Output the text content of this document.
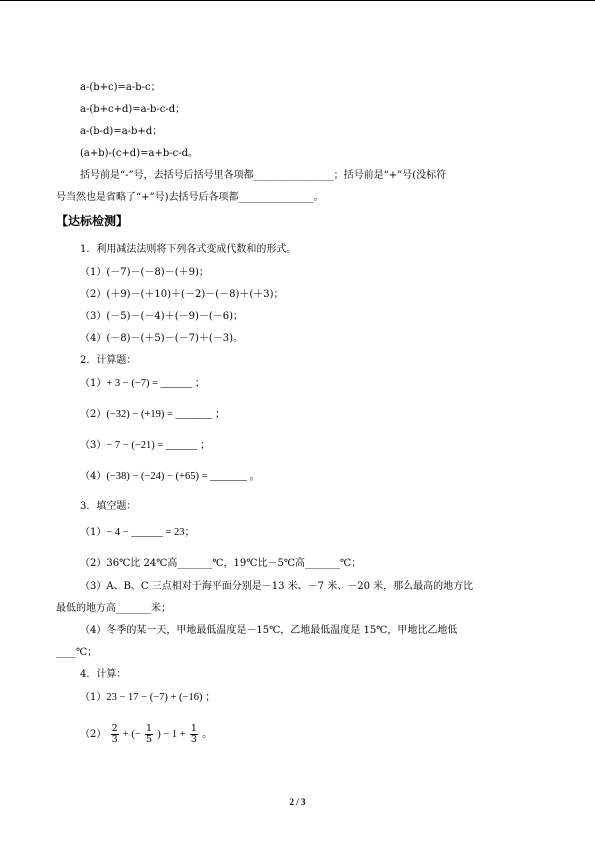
a-(b+c)=a-b-c；
a-(b+c+d)=a-b-c-d；
a-(b-d)=a-b+d；
(a+b)-(c+d)=a+b-c-d。
括号前是“-”号，去括号后括号里各项都________________；括号前是“+”号(没标符
号当然也是省略了“+”号)去括号后各项都_______________。
【达标检测】
1．利用减法法则将下列各式变成代数和的形式。
（1）(－7)－(－8)－(＋9)；
（2）(＋9)－(＋10)＋(－2)－(－8)＋(＋3)；
（3）(－5)－(－4)＋(－9)－(－6)；
（4）(－8)－(＋5)－(－7)＋(－3)。
2．计算题：
（1）+ 3 − (−7) = ______ ；
（2）(−32) − (+19) = _______ ；
（3）− 7 − (−21) = ______ ；
（4）(−38) − (−24) − (+65) = _______ 。
3．填空题：
（1）− 4 − ______ = 23；
（2）36℃比 24℃高_______℃，19℃比－5℃高_______℃；
（3）A、B、C 三点相对于海平面分别是－13 米、－7 米、－20 米，那么最高的地方比
最低的地方高_______米；
（4）冬季的某一天，甲地最低温度是－15℃，乙地最低温度是 15℃，甲地比乙地低
____℃；
4．计算：
（1）23 − 17 − (−7) + (−16) ；
$(2) \frac{2}{3}$ + (− $\frac{1}{5}$ ) − $1 + \frac{1}{3}$ 。
2 / 3
